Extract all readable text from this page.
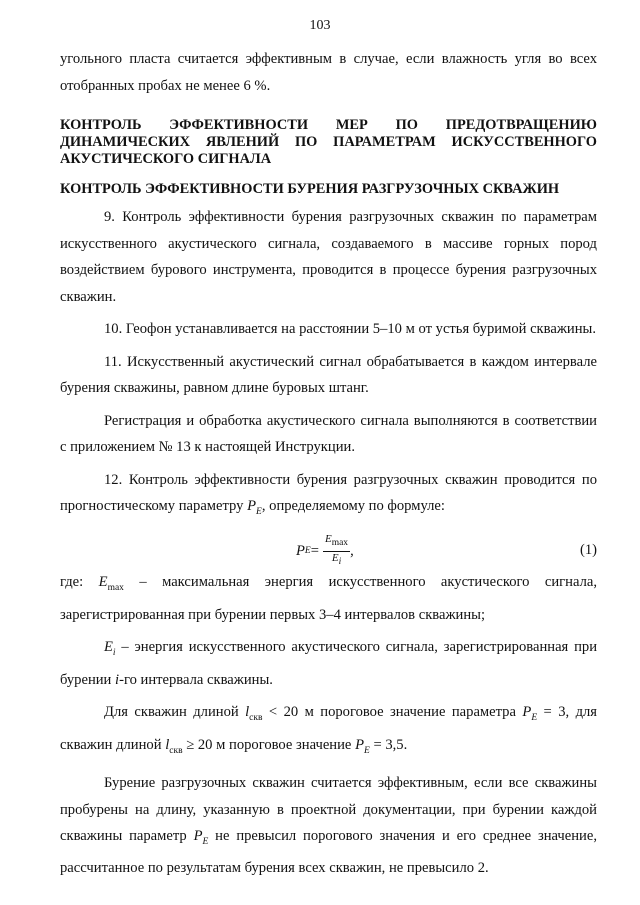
103

угольного пласта считается эффективным в случае, если влажность угля во всех отобранных пробах не менее 6 %.

КОНТРОЛЬ ЭФФЕКТИВНОСТИ МЕР ПО ПРЕДОТВРАЩЕНИЮ ДИНАМИЧЕСКИХ ЯВЛЕНИЙ ПО ПАРАМЕТРАМ ИСКУССТВЕННОГО АКУСТИЧЕСКОГО СИГНАЛА

КОНТРОЛЬ ЭФФЕКТИВНОСТИ БУРЕНИЯ РАЗГРУЗОЧНЫХ СКВАЖИН

9. Контроль эффективности бурения разгрузочных скважин по параметрам искусственного акустического сигнала, создаваемого в массиве горных пород воздействием бурового инструмента, проводится в процессе бурения разгрузочных скважин.

10. Геофон устанавливается на расстоянии 5–10 м от устья буримой скважины.

11. Искусственный акустический сигнал обрабатывается в каждом интервале бурения скважины, равном длине буровых штанг.

Регистрация и обработка акустического сигнала выполняются в соответствии с приложением № 13 к настоящей Инструкции.

12. Контроль эффективности бурения разгрузочных скважин проводится по прогностическому параметру $P_E$, определяемому по формуле:

P $E = \frac{E_{max}}{E_i}$ ,	(1)

где: $E_{max}$ – максимальная энергия искусственного акустического сигнала, зарегистрированная при бурении первых 3–4 интервалов скважины;

$E_i$ – энергия искусственного акустического сигнала, зарегистрированная при бурении i-го интервала скважины.

Для скважин длиной $l_{скв} < 20$ м пороговое значение параметра $P_E = 3$, для скважин длиной $l_{скв} \ge 20$ м пороговое значение $P_E = 3,5$.

Бурение разгрузочных скважин считается эффективным, если все скважины пробурены на длину, указанную в проектной документации, при бурении каждой скважины параметр $P_E$ не превысил порогового значения и его среднее значение, рассчитанное по результатам бурения всех скважин, не превысило 2.
